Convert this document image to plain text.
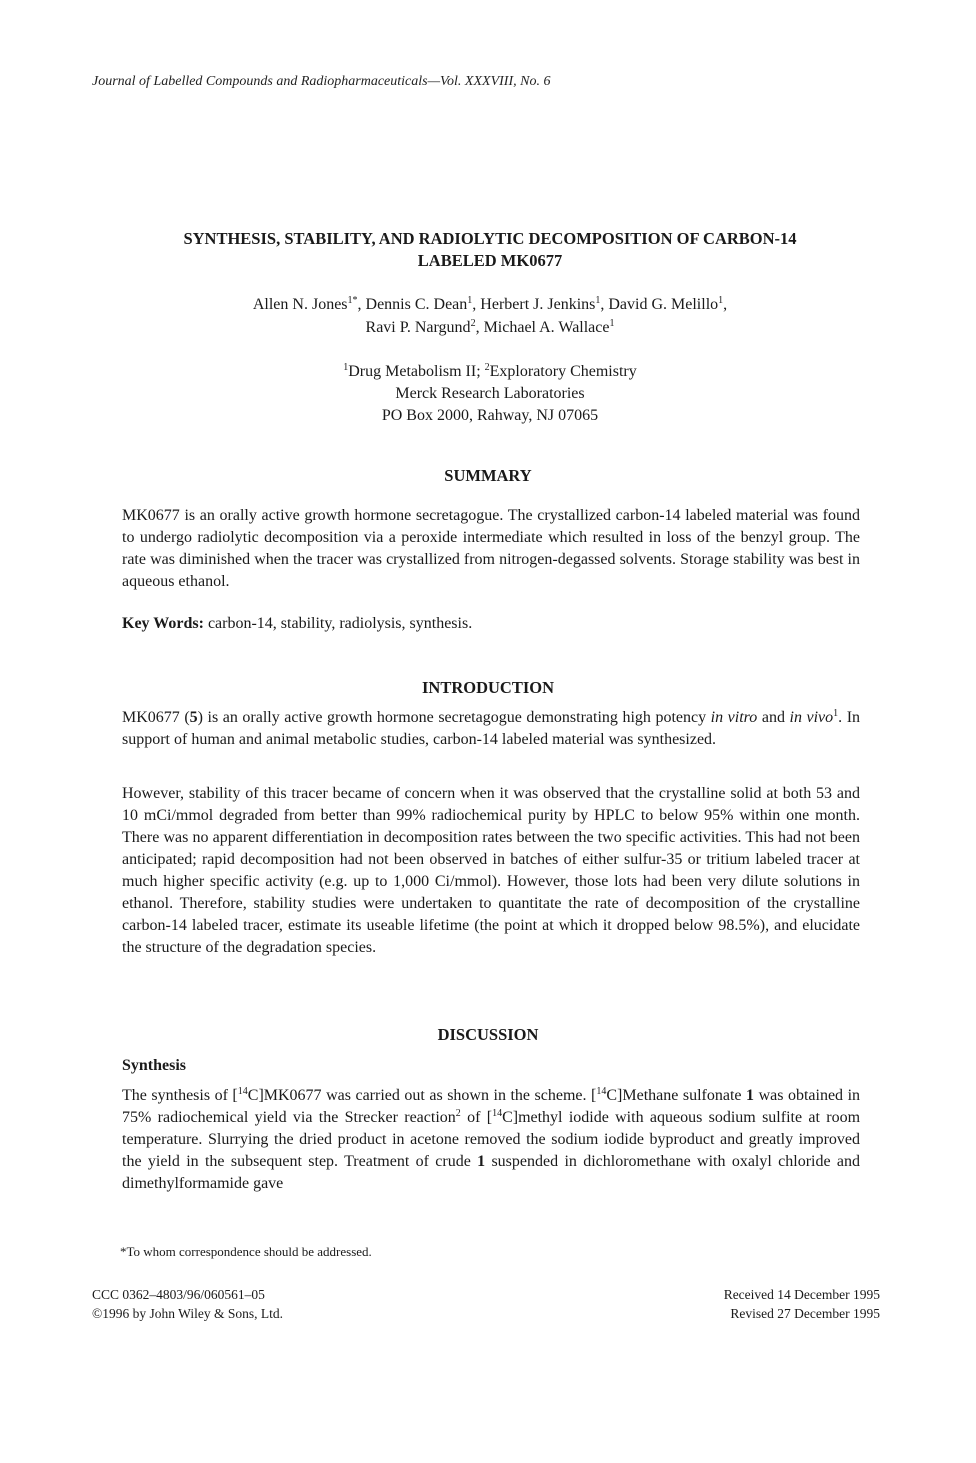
Journal of Labelled Compounds and Radiopharmaceuticals—Vol. XXXVIII, No. 6
SYNTHESIS, STABILITY, AND RADIOLYTIC DECOMPOSITION OF CARBON-14
LABELED MK0677
Allen N. Jones$^{1*}$, Dennis C. Dean$^1$, Herbert J. Jenkins$^1$, David G. Melillo$^1$,
Ravi P. Nargund$^2$, Michael A. Wallace$^1$
$^1$Drug Metabolism II; $^2$Exploratory Chemistry
Merck Research Laboratories
PO Box 2000, Rahway, NJ 07065
SUMMARY

MK0677 is an orally active growth hormone secretagogue. The crystallized carbon-14 labeled material was found to undergo radiolytic decomposition via a peroxide intermediate which resulted in loss of the benzyl group. The rate was diminished when the tracer was crystallized from nitrogen-degassed solvents. Storage stability was best in aqueous ethanol.

Key Words: carbon-14, stability, radiolysis, synthesis.

INTRODUCTION

MK0677 (5) is an orally active growth hormone secretagogue demonstrating high potency in vitro and in vivo$^1$. In support of human and animal metabolic studies, carbon-14 labeled material was synthesized.

However, stability of this tracer became of concern when it was observed that the crystalline solid at both 53 and 10 mCi/mmol degraded from better than 99% radiochemical purity by HPLC to below 95% within one month. There was no apparent differentiation in decomposition rates between the two specific activities. This had not been anticipated; rapid decomposition had not been observed in batches of either sulfur-35 or tritium labeled tracer at much higher specific activity (e.g. up to 1,000 Ci/mmol). However, those lots had been very dilute solutions in ethanol. Therefore, stability studies were undertaken to quantitate the rate of decomposition of the crystalline carbon-14 labeled tracer, estimate its useable lifetime (the point at which it dropped below 98.5%), and elucidate the structure of the degradation species.

DISCUSSION
Synthesis

The synthesis of [$^{14}$C]MK0677 was carried out as shown in the scheme. [$^{14}$C]Methane sulfonate 1 was obtained in 75% radiochemical yield via the Strecker reaction$^2$ of [$^{14}$C]methyl iodide with aqueous sodium sulfite at room temperature. Slurrying the dried product in acetone removed the sodium iodide byproduct and greatly improved the yield in the subsequent step. Treatment of crude 1 suspended in dichloromethane with oxalyl chloride and dimethylformamide gave

*To whom correspondence should be addressed.
CCC 0362–4803/96/060561–05
©1996 by John Wiley & Sons, Ltd.
Received 14 December 1995
Revised 27 December 1995
